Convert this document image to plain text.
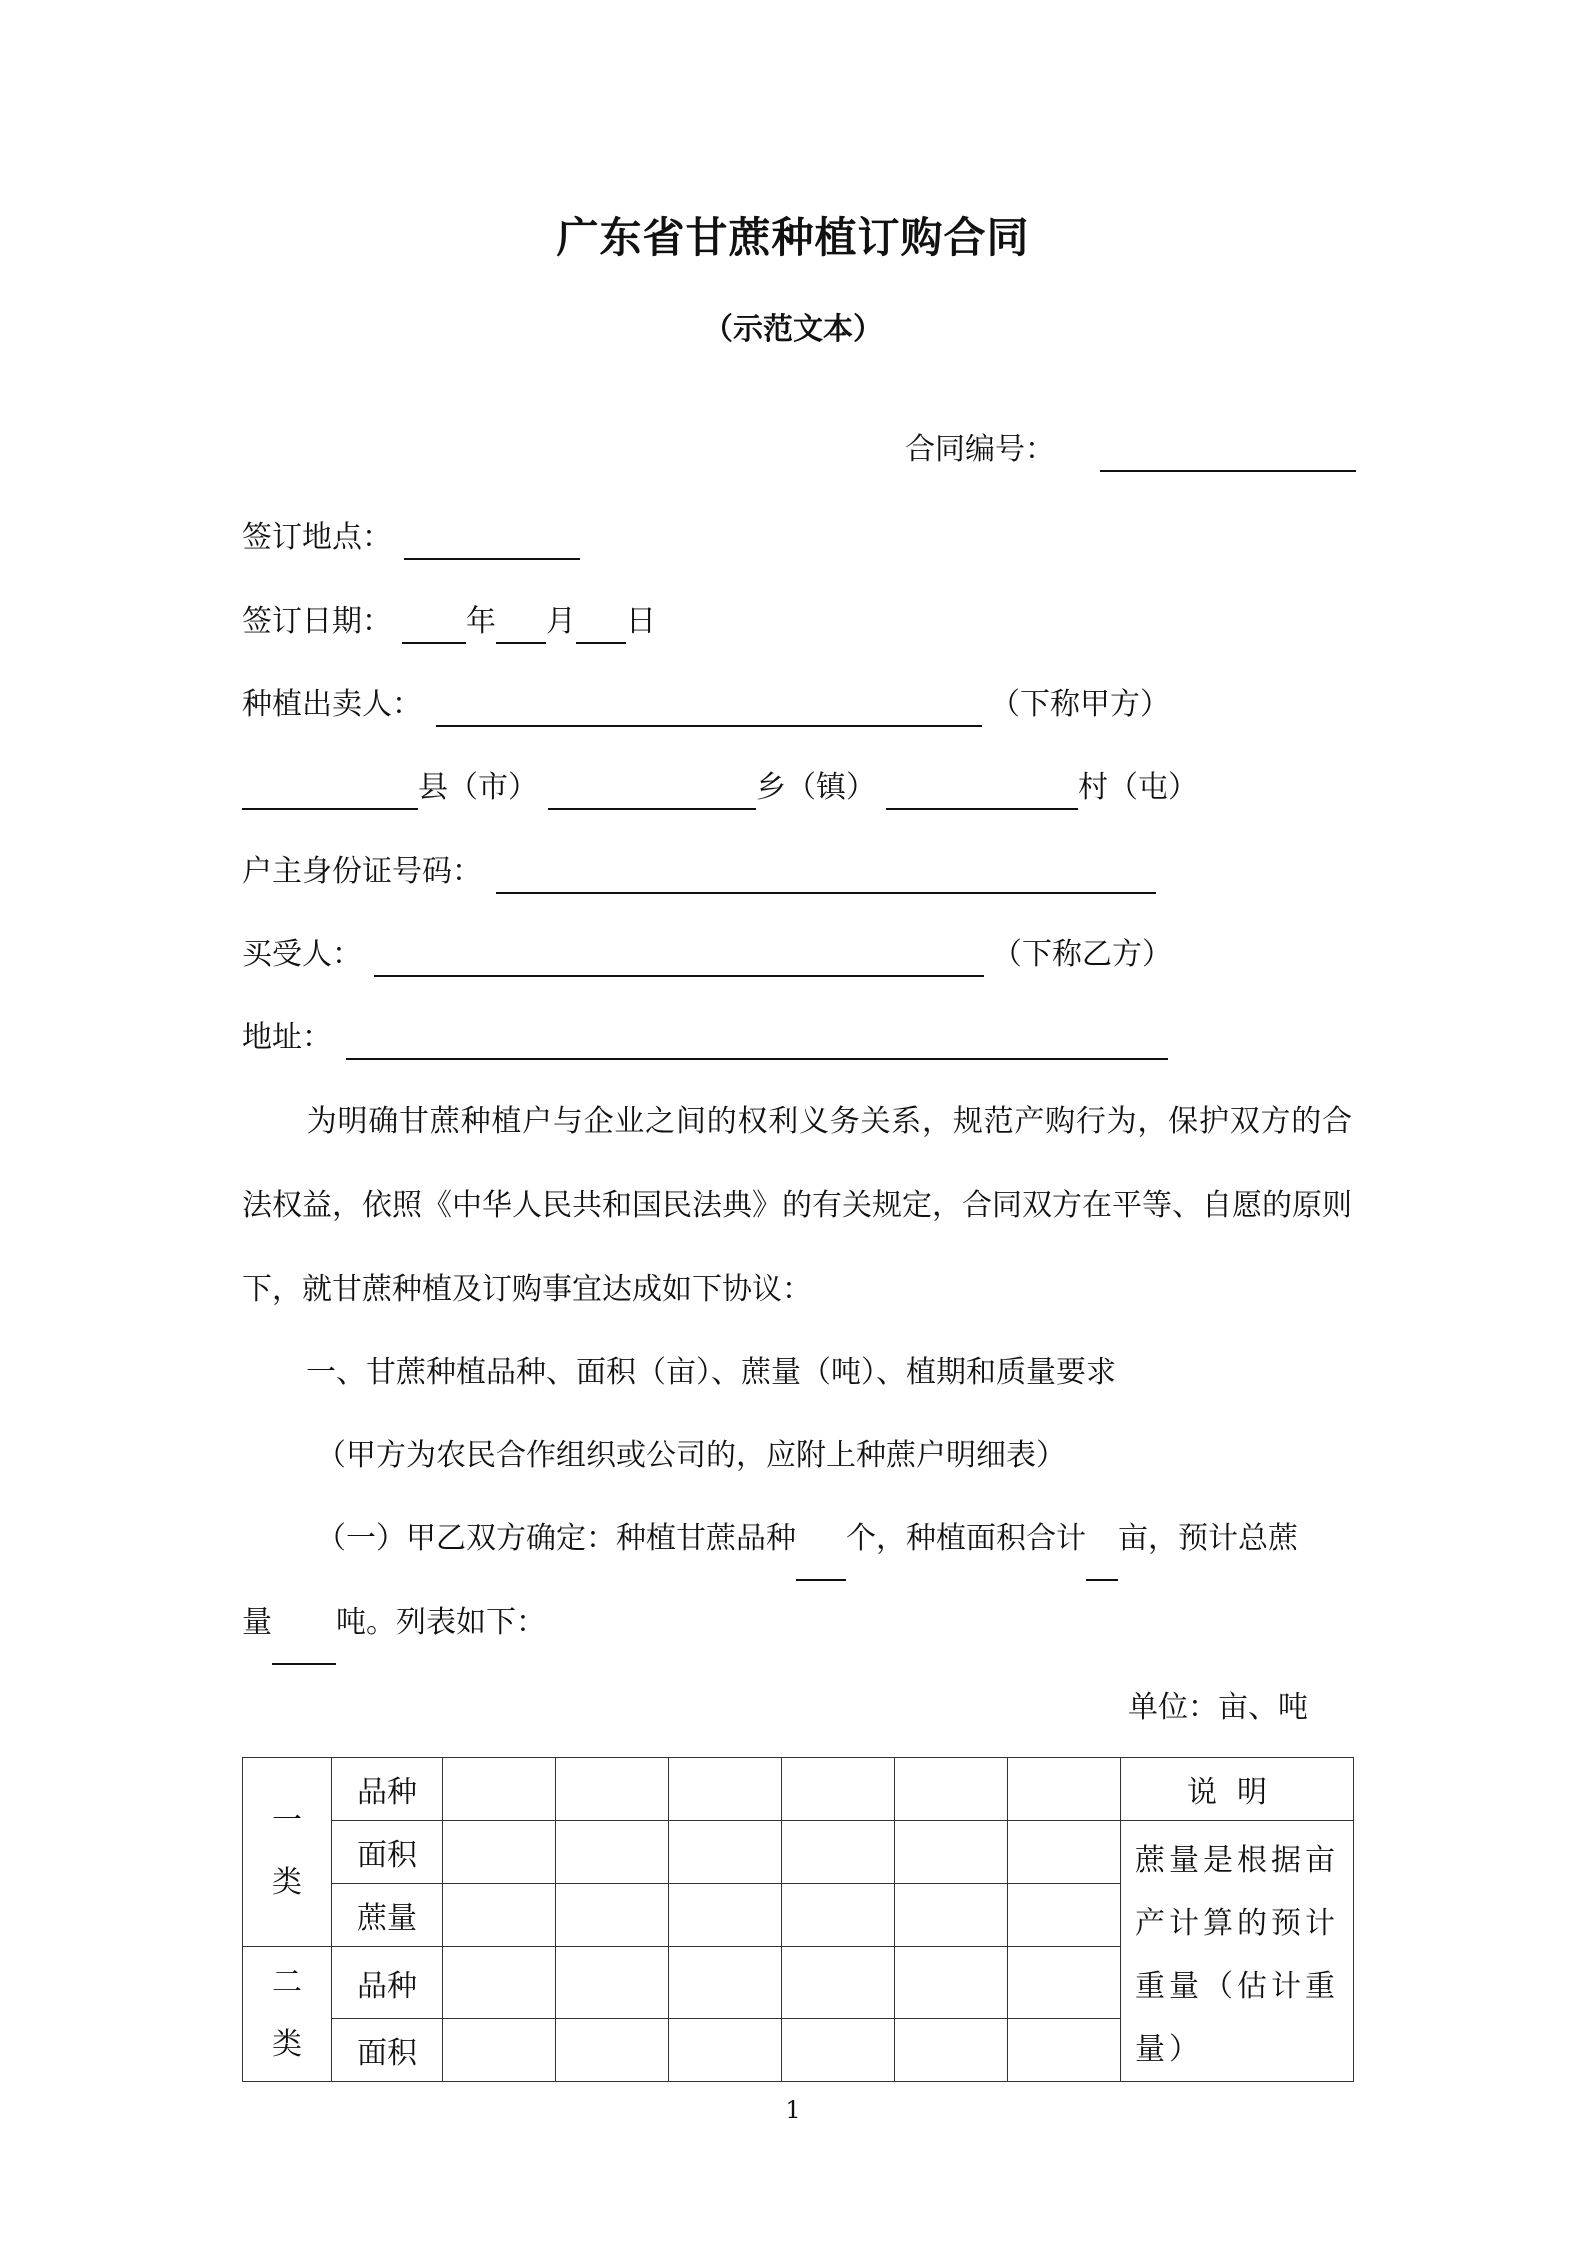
广东省甘蔗种植订购合同
（示范文本）
合同编号：
签订地点：
签订日期： 年 月 日
种植出卖人：	（下称甲方）
县（市）	乡（镇）	村（屯）
户主身份证号码：
买受人：	（下称乙方）
地址：
为明确甘蔗种植户与企业之间的权利义务关系，规范产购行为，保护双方的合法权益，依照《中华人民共和国民法典》的有关规定，合同双方在平等、自愿的原则下，就甘蔗种植及订购事宜达成如下协议：
一、甘蔗种植品种、面积（亩）、蔗量（吨）、植期和质量要求
（甲方为农民合作组织或公司的，应附上种蔗户明细表）
（一）甲乙双方确定：种植甘蔗品种 个，种植面积合计 亩，预计总蔗
量 吨。列表如下：
单位：亩、吨
一类	品种							说明
	面积							蔗量是根据亩产计算的预计重量（估计重量）
	蔗量							
二类	品种							
	面积							
1
